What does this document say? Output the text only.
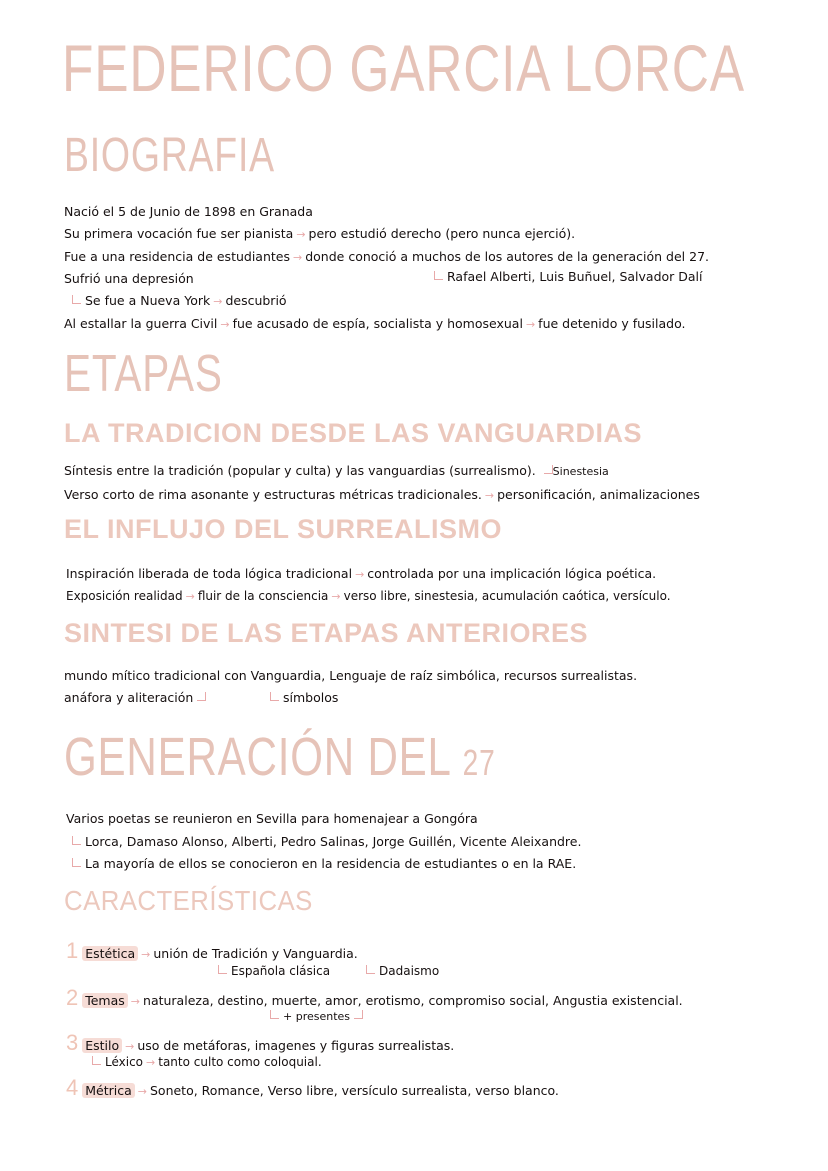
FEDERICO GARCIA LORCA
BIOGRAFIA
Nació el 5 de Junio de 1898 en Granada
Su primera vocación fue ser pianista → pero estudió derecho (pero nunca ejerció).
Fue a una residencia de estudiantes → donde conoció a muchos de los autores de la generación del 27.
Sufrió una depresión	Rafael Alberti, Luis Buñuel, Salvador Dalí
Se fue a Nueva York → descubrió
Al estallar la guerra Civil → fue acusado de espía, socialista y homosexual → fue detenido y fusilado.
ETAPAS
LA TRADICION DESDE LAS VANGUARDIAS
Síntesis entre la tradición (popular y culta) y las vanguardias (surrealismo). Sinestesia
Verso corto de rima asonante y estructuras métricas tradicionales. → personificación, animalizaciones
EL INFLUJO DEL SURREALISMO
Inspiración liberada de toda lógica tradicional → controlada por una implicación lógica poética.
Exposición realidad → fluir de la consciencia → verso libre, sinestesia, acumulación caótica, versículo.
SINTESI DE LAS ETAPAS ANTERIORES
mundo mítico tradicional con Vanguardia, Lenguaje de raíz simbólica, recursos surrealistas.
anáfora y aliteración	símbolos
GENERACIÓN DEL 27
Varios poetas se reunieron en Sevilla para homenajear a Gongóra
Lorca, Damaso Alonso, Alberti, Pedro Salinas, Jorge Guillén, Vicente Aleixandre.
La mayoría de ellos se conocieron en la residencia de estudiantes o en la RAE.
CARACTERÍSTICAS
1 Estética → unión de Tradición y Vanguardia.
Española clásica	Dadaismo
2 Temas → naturaleza, destino, muerte, amor, erotismo, compromiso social, Angustia existencial.
+ presentes
3 Estilo → uso de metáforas, imagenes y figuras surrealistas.
Léxico → tanto culto como coloquial.
4 Métrica → Soneto, Romance, Verso libre, versículo surrealista, verso blanco.
